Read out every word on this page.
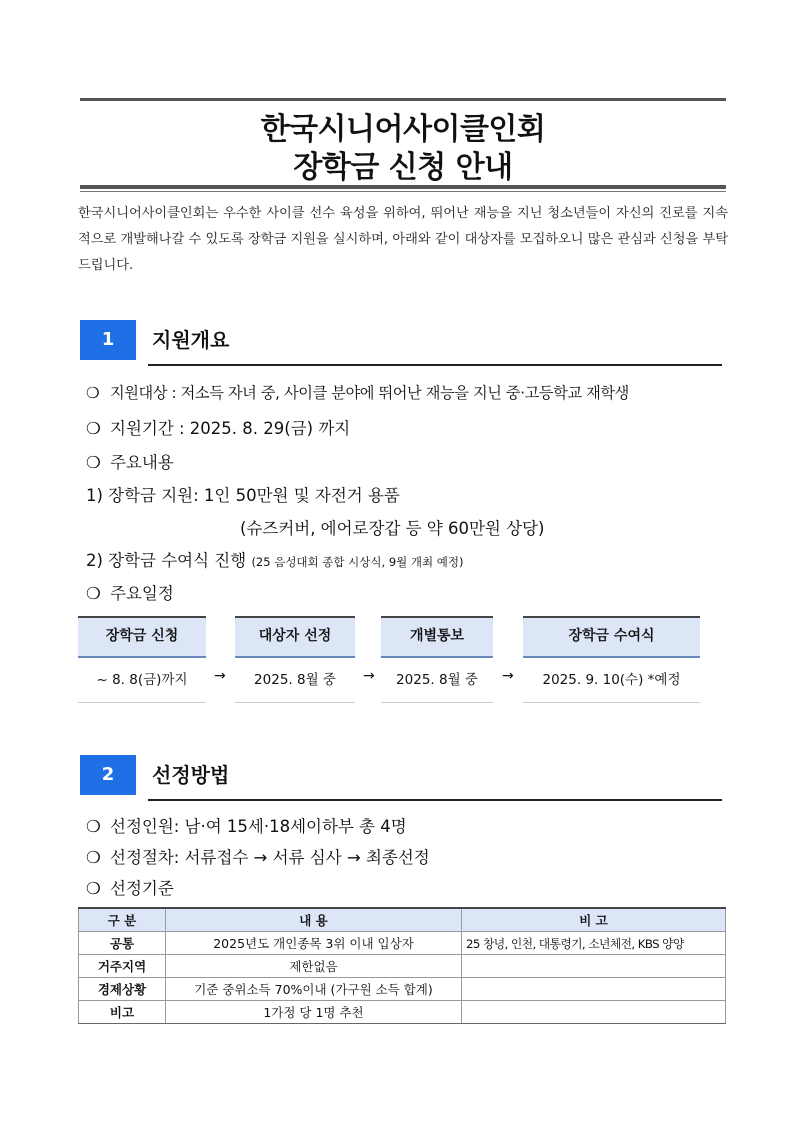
한국시니어사이클인회
장학금 신청 안내
한국시니어사이클인회는 우수한 사이클 선수 육성을 위하여, 뛰어난 재능을 지닌 청소년들이 자신의 진로를 지속적으로 개발해나갈 수 있도록 장학금 지원을 실시하며, 아래와 같이 대상자를 모집하오니 많은 관심과 신청을 부탁드립니다.
1	지원개요
❍ 지원대상 : 저소득 자녀 중, 사이클 분야에 뛰어난 재능을 지닌 중·고등학교 재학생
❍ 지원기간 : 2025. 8. 29(금) 까지
❍ 주요내용
1) 장학금 지원: 1인 50만원 및 자전거 용품
(슈즈커버, 에어로장갑 등 약 60만원 상당)
2) 장학금 수여식 진행 (25 음성대회 종합 시상식, 9월 개최 예정)
❍ 주요일정
장학금 신청	대상자 선정	개별통보	장학금 수여식
~ 8. 8(금)까지	→	2025. 8월 중	→	2025. 8월 중	→	2025. 9. 10(수) *예정
2	선정방법
❍ 선정인원: 남·여 15세·18세이하부 총 4명
❍ 선정절차: 서류접수 → 서류 심사 → 최종선정
❍ 선정기준
구 분	내 용	비 고
공통	2025년도 개인종목 3위 이내 입상자	25 창녕, 인천, 대통령기, 소년체전, KBS 양양
거주지역	제한없음	
경제상황	기준 중위소득 70%이내 (가구원 소득 합계)	
비고	1가정 당 1명 추천	
